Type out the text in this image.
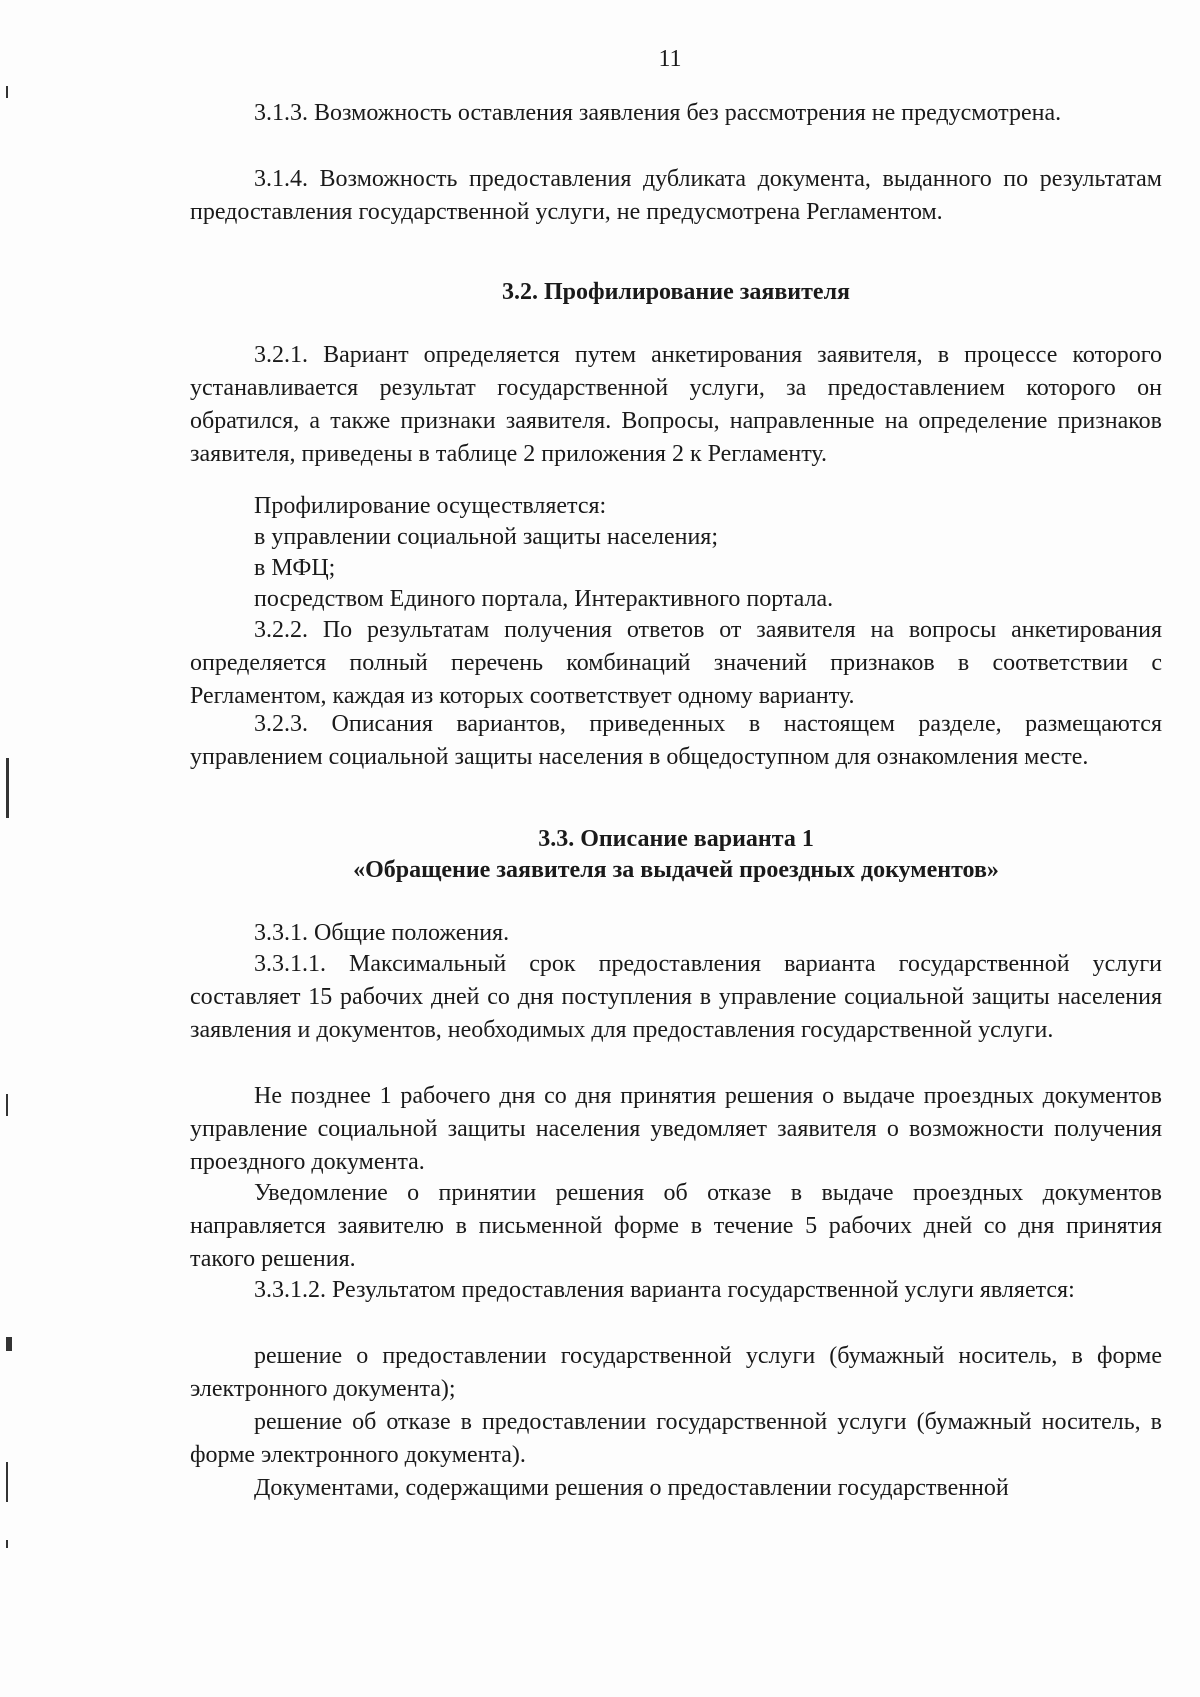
11

3.1.3. Возможность оставления заявления без рассмотрения не предусмотрена.

3.1.4. Возможность предоставления дубликата документа, выданного по результатам предоставления государственной услуги, не предусмотрена Регламентом.

3.2. Профилирование заявителя

3.2.1. Вариант определяется путем анкетирования заявителя, в процессе которого устанавливается результат государственной услуги, за предоставлением которого он обратился, а также признаки заявителя. Вопросы, направленные на определение признаков заявителя, приведены в таблице 2 приложения 2 к Регламенту.

Профилирование осуществляется:

в управлении социальной защиты населения;

в МФЦ;

посредством Единого портала, Интерактивного портала.

3.2.2. По результатам получения ответов от заявителя на вопросы анкетирования определяется полный перечень комбинаций значений признаков в соответствии с Регламентом, каждая из которых соответствует одному варианту.

3.2.3. Описания вариантов, приведенных в настоящем разделе, размещаются управлением социальной защиты населения в общедоступном для ознакомления месте.

3.3. Описание варианта 1

«Обращение заявителя за выдачей проездных документов»

3.3.1. Общие положения.

3.3.1.1. Максимальный срок предоставления варианта государственной услуги составляет 15 рабочих дней со дня поступления в управление социальной защиты населения заявления и документов, необходимых для предоставления государственной услуги.

Не позднее 1 рабочего дня со дня принятия решения о выдаче проездных документов управление социальной защиты населения уведомляет заявителя о возможности получения проездного документа.

Уведомление о принятии решения об отказе в выдаче проездных документов направляется заявителю в письменной форме в течение 5 рабочих дней со дня принятия такого решения.

3.3.1.2. Результатом предоставления варианта государственной услуги является:

решение о предоставлении государственной услуги (бумажный носитель, в форме электронного документа);

решение об отказе в предоставлении государственной услуги (бумажный носитель, в форме электронного документа).

Документами, содержащими решения о предоставлении государственной
